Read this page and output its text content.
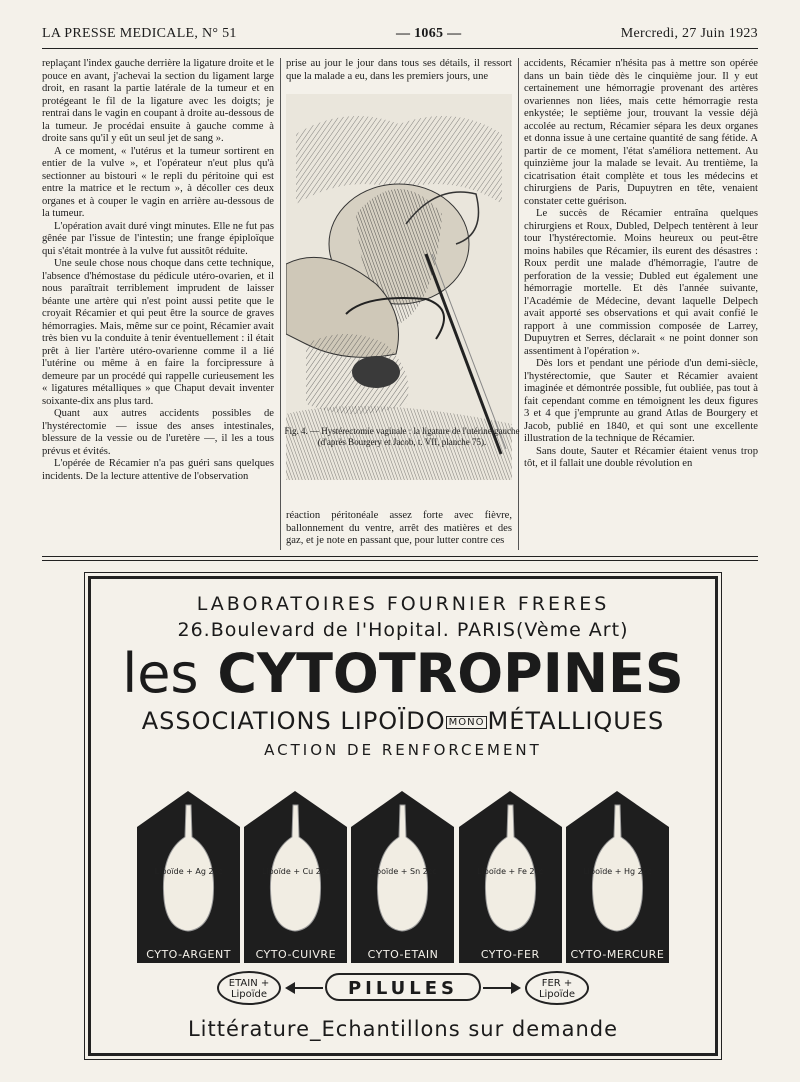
LA PRESSE MEDICALE, N° 51	— 1065 —	Mercredi, 27 Juin 1923

replaçant l'index gauche derrière la ligature droite et le pouce en avant, j'achevai la section du ligament large droit, en rasant la partie latérale de la tumeur et en protégeant le fil de la ligature avec les doigts; je rentrai dans le vagin en coupant à droite au-dessous de la tumeur. Je procédai ensuite à gauche comme à droite sans qu'il y eût un seul jet de sang ».

A ce moment, « l'utérus et la tumeur sortirent en entier de la vulve », et l'opérateur n'eut plus qu'à sectionner au bistouri « le repli du péritoine qui est entre la matrice et le rectum », à décoller ces deux organes et à couper le vagin en arrière au-dessous de la tumeur.

L'opération avait duré vingt minutes. Elle ne fut pas gênée par l'issue de l'intestin; une frange épiploïque qui s'était montrée à la vulve fut aussitôt réduite.

Une seule chose nous choque dans cette technique, l'absence d'hémostase du pédicule utéro-ovarien, et il nous paraîtrait terriblement imprudent de laisser béante une artère qui n'est point aussi petite que le croyait Récamier et qui peut être la source de graves hémorragies. Mais, même sur ce point, Récamier avait très bien vu la conduite à tenir éventuellement : il était prêt à lier l'artère utéro-ovarienne comme il a lié l'utérine ou même à en faire la forcipressure à demeure par un procédé qui rappelle curieusement les « ligatures métalliques » que Chaput devait inventer soixante-dix ans plus tard.

Quant aux autres accidents possibles de l'hystérectomie — issue des anses intestinales, blessure de la vessie ou de l'uretère —, il les a tous prévus et évités.

L'opérée de Récamier n'a pas guéri sans quelques incidents. De la lecture attentive de l'observation

prise au jour le jour dans tous ses détails, il ressort que la malade a eu, dans les premiers jours, une

réaction péritonéale assez forte avec fièvre, ballonnement du ventre, arrêt des matières et des gaz, et je note en passant que, pour lutter contre ces

accidents, Récamier n'hésita pas à mettre son opérée dans un bain tiède dès le cinquième jour. Il y eut certainement une hémorragie provenant des artères ovariennes non liées, mais cette hémorragie resta enkystée; le septième jour, trouvant la vessie déjà accolée au rectum, Récamier sépara les deux organes et donna issue à une certaine quantité de sang fétide. A partir de ce moment, l'état s'améliora nettement. Au quinzième jour la malade se levait. Au trentième, la cicatrisation était complète et tous les médecins et chirurgiens de Paris, Dupuytren en tête, venaient constater cette guérison.

Le succès de Récamier entraîna quelques chirurgiens et Roux, Dubled, Delpech tentèrent à leur tour l'hystérectomie. Moins heureux ou peut-être moins habiles que Récamier, ils eurent des désastres : Roux perdit une malade d'hémorragie, l'autre de perforation de la vessie; Dubled eut également une hémorragie mortelle. Et dès l'année suivante, l'Académie de Médecine, devant laquelle Delpech avait apporté ses observations et qui avait confié le rapport à une commission composée de Larrey, Dupuytren et Serres, déclarait « ne point donner son assentiment à l'opération ».

Dès lors et pendant une période d'un demi-siècle, l'hystérectomie, que Sauter et Récamier avaient imaginée et démontrée possible, fut oubliée, pas tout à fait cependant comme en témoignent les deux figures 3 et 4 que j'emprunte au grand Atlas de Bourgery et Jacob, publié en 1840, et qui sont une excellente illustration de la technique de Récamier.

Sans doute, Sauter et Récamier étaient venus trop tôt, et il fallait une double révolution en

Fig. 4. — Hystérectomie vaginale : la ligature de l'utérine gauche
(d'après Bourgery et Jacob, t. VII, planche 75).
LABORATOIRES FOURNIER FRERES
26.Boulevard de l'Hopital. PARIS(Vème Art)
les CYTOTROPINES
ASSOCIATIONS LIPOÏDO MONO MÉTALLIQUES
ACTION DE RENFORCEMENT
Lipoïde + Ag 2cc
CYTO-ARGENT
Lipoïde + Cu 2cc
CYTO-CUIVRE
Lipoïde + Sn 2cc
CYTO-ETAIN
Lipoïde + Fe 2cc
CYTO-FER
Lipoïde + Hg 2cc
CYTO-MERCURE
ETAIN + Lipoïde	PILULES	FER + Lipoïde
Littérature_Echantillons sur demande
